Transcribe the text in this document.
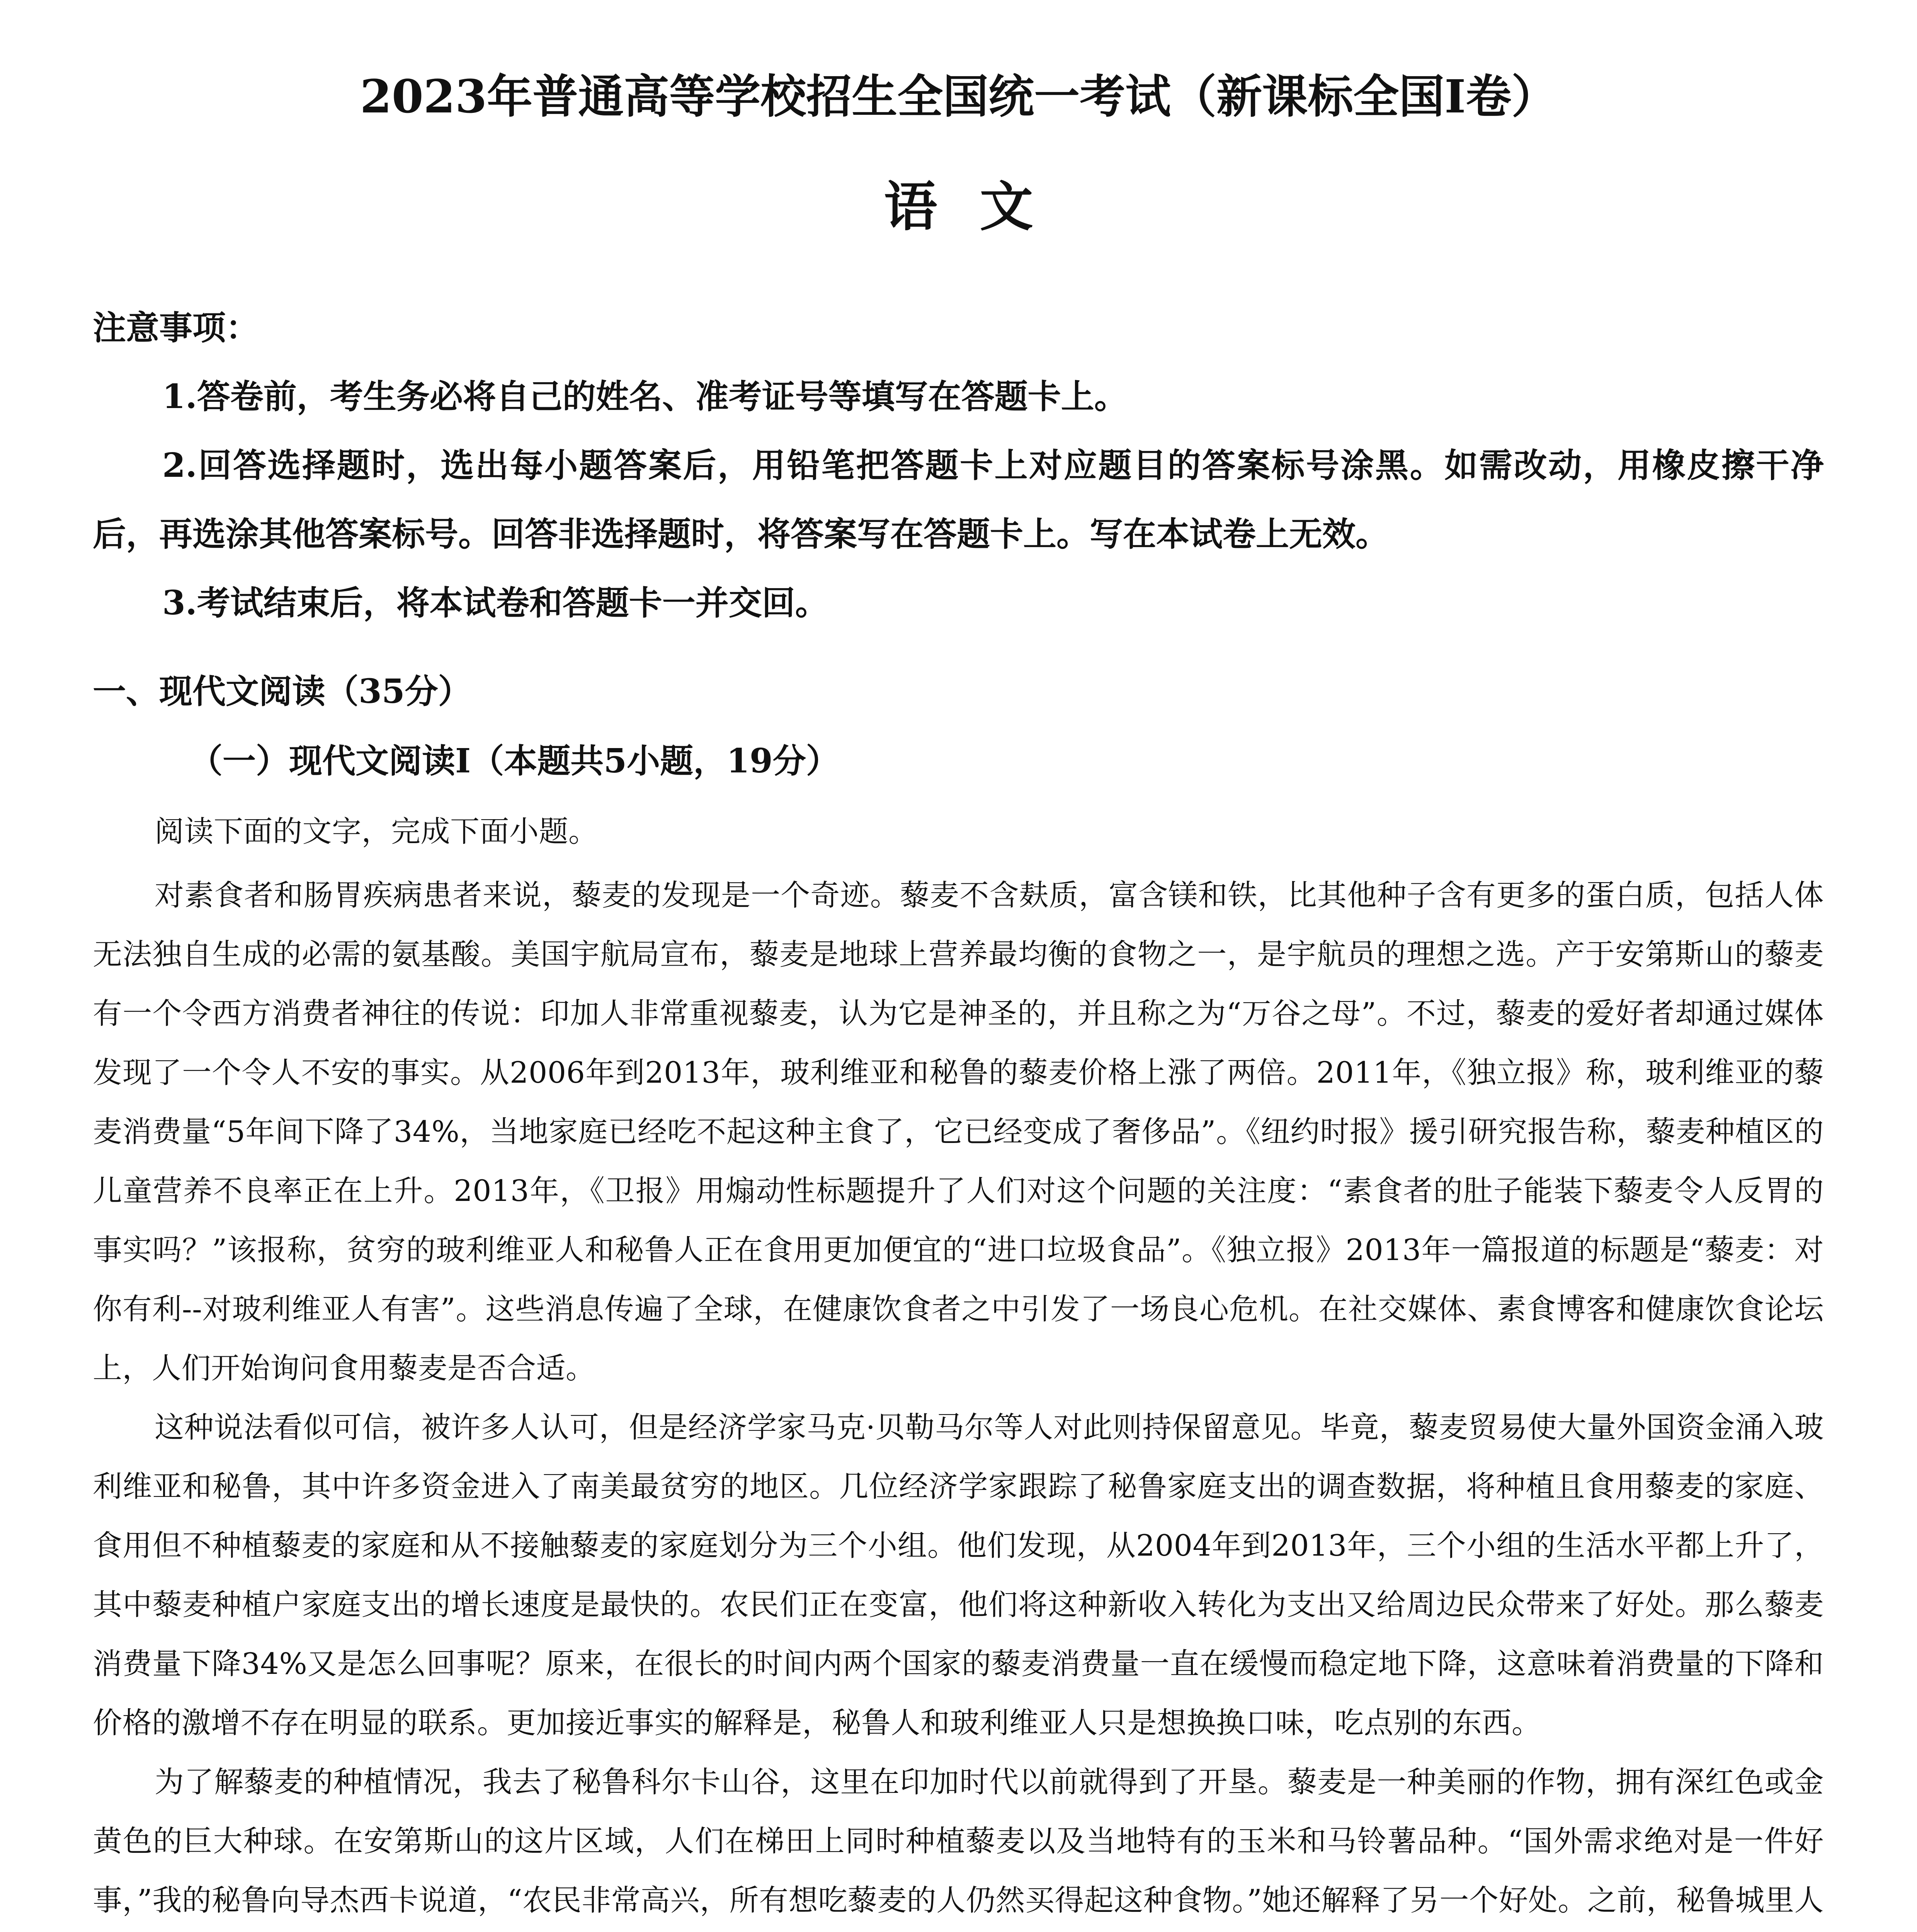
2023年普通高等学校招生全国统一考试（新课标全国Ⅰ卷）
语文
注意事项：

1.答卷前，考生务必将自己的姓名、准考证号等填写在答题卡上。

2.回答选择题时，选出每小题答案后，用铅笔把答题卡上对应题目的答案标号涂黑。如需改动，用橡皮擦干净后，再选涂其他答案标号。回答非选择题时，将答案写在答题卡上。写在本试卷上无效。

3.考试结束后，将本试卷和答题卡一并交回。

一、现代文阅读（35分）
（一）现代文阅读Ⅰ（本题共5小题，19分）

阅读下面的文字，完成下面小题。

对素食者和肠胃疾病患者来说，藜麦的发现是一个奇迹。藜麦不含麸质，富含镁和铁，比其他种子含有更多的蛋白质，包括人体无法独自生成的必需的氨基酸。美国宇航局宣布，藜麦是地球上营养最均衡的食物之一，是宇航员的理想之选。产于安第斯山的藜麦有一个令西方消费者神往的传说：印加人非常重视藜麦，认为它是神圣的，并且称之为“万谷之母”。不过，藜麦的爱好者却通过媒体发现了一个令人不安的事实。从2006年到2013年，玻利维亚和秘鲁的藜麦价格上涨了两倍。2011年，《独立报》称，玻利维亚的藜麦消费量“5年间下降了34%，当地家庭已经吃不起这种主食了，它已经变成了奢侈品”。《纽约时报》援引研究报告称，藜麦种植区的儿童营养不良率正在上升。2013年，《卫报》用煽动性标题提升了人们对这个问题的关注度：“素食者的肚子能装下藜麦令人反胃的事实吗？”该报称，贫穷的玻利维亚人和秘鲁人正在食用更加便宜的“进口垃圾食品”。《独立报》2013年一篇报道的标题是“藜麦：对你有利--对玻利维亚人有害”。这些消息传遍了全球，在健康饮食者之中引发了一场良心危机。在社交媒体、素食博客和健康饮食论坛上，人们开始询问食用藜麦是否合适。

这种说法看似可信，被许多人认可，但是经济学家马克·贝勒马尔等人对此则持保留意见。毕竟，藜麦贸易使大量外国资金涌入玻利维亚和秘鲁，其中许多资金进入了南美最贫穷的地区。几位经济学家跟踪了秘鲁家庭支出的调查数据，将种植且食用藜麦的家庭、食用但不种植藜麦的家庭和从不接触藜麦的家庭划分为三个小组。他们发现，从2004年到2013年，三个小组的生活水平都上升了，其中藜麦种植户家庭支出的增长速度是最快的。农民们正在变富，他们将这种新收入转化为支出又给周边民众带来了好处。那么藜麦消费量下降34%又是怎么回事呢？原来，在很长的时间内两个国家的藜麦消费量一直在缓慢而稳定地下降，这意味着消费量的下降和价格的激增不存在明显的联系。更加接近事实的解释是，秘鲁人和玻利维亚人只是想换换口味，吃点别的东西。

为了解藜麦的种植情况，我去了秘鲁科尔卡山谷，这里在印加时代以前就得到了开垦。藜麦是一种美丽的作物，拥有深红色或金黄色的巨大种球。在安第斯山的这片区域，人们在梯田上同时种植藜麦以及当地特有的玉米和马铃薯品种。“国外需求绝对是一件好事，”我的秘鲁向导杰西卡说道，“农民非常高兴，所有想吃藜麦的人仍然买得起这种食物。”她还解释了另一个好处。之前，秘鲁城里人
